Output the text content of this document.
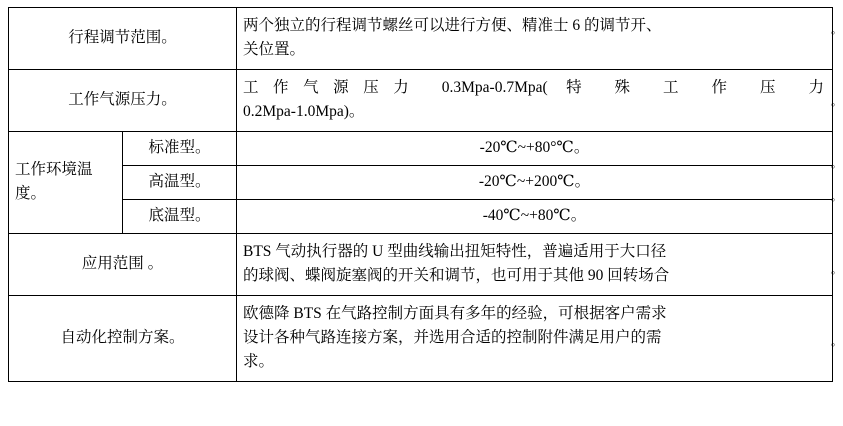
行程调节范围。		两个独立的行程调节螺丝可以进行方便、精准士 6 的调节开、
关位置。

工作气源压力。		工作气源压力 0.3Mpa-0.7Mpa( 特 殊 工 作 压 力
0.2Mpa-1.0Mpa)。

工作环境温度。	标准型。	-20℃~+80°℃。
	高温型。	-20℃~+200℃。
	底温型。	-40℃~+80℃。
应用范围 。		BTS 气动执行器的 U 型曲线输出扭矩特性，普遍适用于大口径
的球阀、蝶阀旋塞阀的开关和调节，也可用于其他 90 回转场合

自动化控制方案。		欧德降 BTS 在气路控制方面具有多年的经验，可根据客户需求
设计各种气路连接方案，并选用合适的控制附件满足用户的需
求。
。
。
。
。
。
。
